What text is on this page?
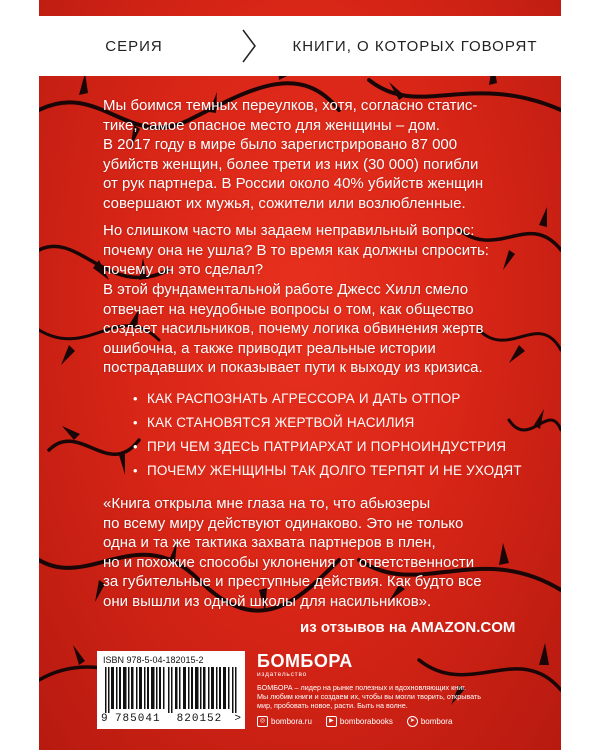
СЕРИЯ	КНИГИ, О КОТОРЫХ ГОВОРЯТ
Мы боимся темных переулков, хотя, согласно статис-
тике, самое опасное место для женщины – дом.
В 2017 году в мире было зарегистрировано 87 000
убийств женщин, более трети из них (30 000) погибли
от рук партнера. В России около 40% убийств женщин
совершают их мужья, сожители или возлюбленные.
Но слишком часто мы задаем неправильный вопрос:
почему она не ушла? В то время как должны спросить:
почему он это сделал?
В этой фундаментальной работе Джесс Хилл смело
отвечает на неудобные вопросы о том, как общество
создает насильников, почему логика обвинения жертв
ошибочна, а также приводит реальные истории
пострадавших и показывает пути к выходу из кризиса.
• КАК РАСПОЗНАТЬ АГРЕССОРА И ДАТЬ ОТПОР
• КАК СТАНОВЯТСЯ ЖЕРТВОЙ НАСИЛИЯ
• ПРИ ЧЕМ ЗДЕСЬ ПАТРИАРХАТ И ПОРНОИНДУСТРИЯ
• ПОЧЕМУ ЖЕНЩИНЫ ТАК ДОЛГО ТЕРПЯТ И НЕ УХОДЯТ
«Книга открыла мне глаза на то, что абьюзеры
по всему миру действуют одинаково. Это не только
одна и та же тактика захвата партнеров в плен,
но и похожие способы уклонения от ответственности
за губительные и преступные действия. Как будто все
они вышли из одной школы для насильников».
из отзывов на AMAZON.COM
ISBN 978-5-04-182015-2
9 785041	820152	>
БОМБОРА
издательство
БОМБОРА – лидер на рынке полезных и вдохновляющих книг.
Мы любим книги и создаем их, чтобы вы могли творить, открывать
мир, пробовать новое, расти. Быть на волне.
◎ bombora.ru	▶ bomborabooks	➤ bombora
